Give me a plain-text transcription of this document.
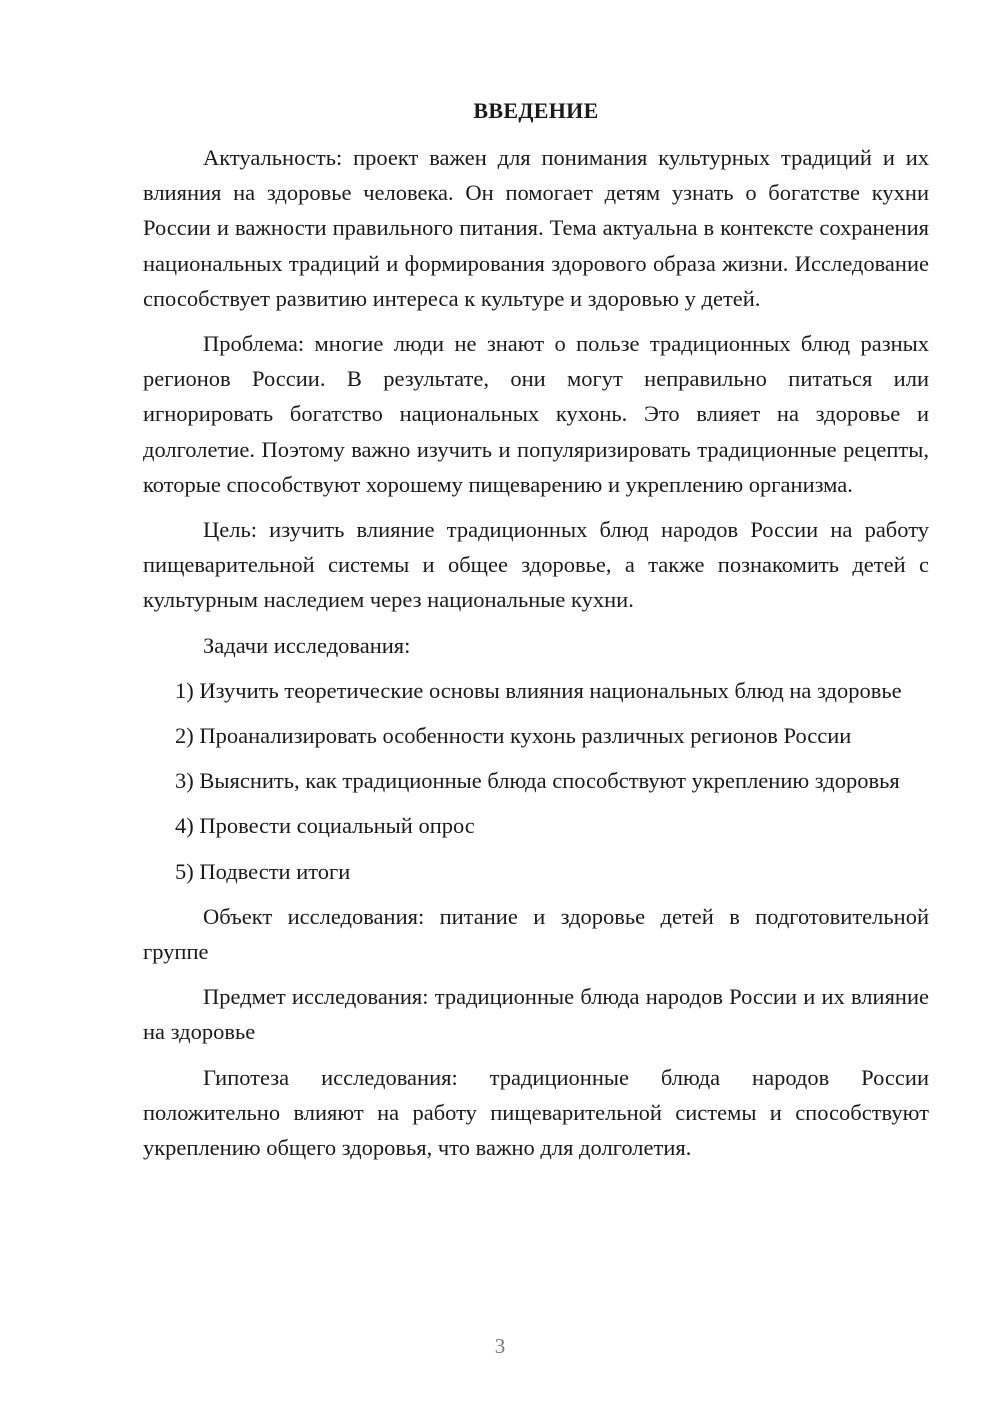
ВВЕДЕНИЕ

Актуальность: проект важен для понимания культурных традиций и их влияния на здоровье человека. Он помогает детям узнать о богатстве кухни России и важности правильного питания. Тема актуальна в контексте сохранения национальных традиций и формирования здорового образа жизни. Исследование способствует развитию интереса к культуре и здоровью у детей.

Проблема: многие люди не знают о пользе традиционных блюд разных регионов России. В результате, они могут неправильно питаться или игнорировать богатство национальных кухонь. Это влияет на здоровье и долголетие. Поэтому важно изучить и популяризировать традиционные рецепты, которые способствуют хорошему пищеварению и укреплению организма.

Цель: изучить влияние традиционных блюд народов России на работу пищеварительной системы и общее здоровье, а также познакомить детей с культурным наследием через национальные кухни.

Задачи исследования:

1) Изучить теоретические основы влияния национальных блюд на здоровье

2) Проанализировать особенности кухонь различных регионов России

3) Выяснить, как традиционные блюда способствуют укреплению здоровья

4) Провести социальный опрос

5) Подвести итоги

Объект исследования: питание и здоровье детей в подготовительной группе

Предмет исследования: традиционные блюда народов России и их влияние на здоровье

Гипотеза исследования: традиционные блюда народов России положительно влияют на работу пищеварительной системы и способствуют укреплению общего здоровья, что важно для долголетия.

3
